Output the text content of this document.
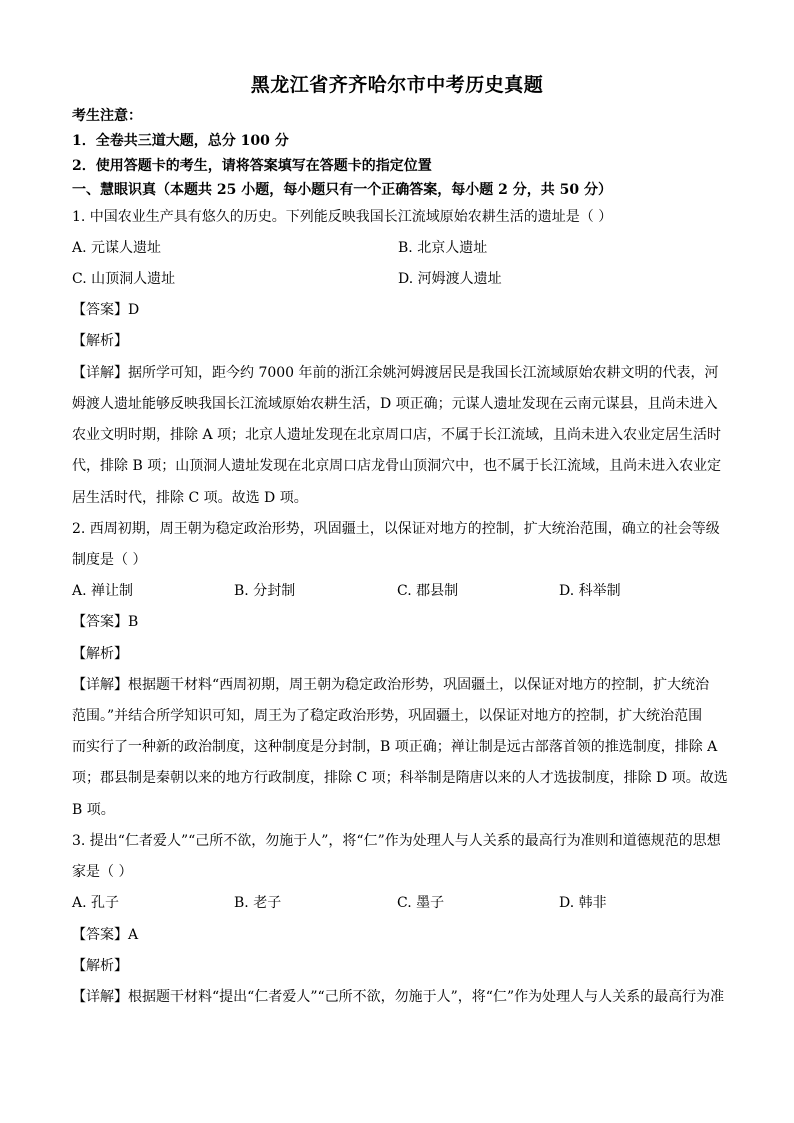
黑龙江省齐齐哈尔市中考历史真题
考生注意：
1．全卷共三道大题，总分 100 分
2．使用答题卡的考生，请将答案填写在答题卡的指定位置
一、慧眼识真（本题共 25 小题，每小题只有一个正确答案，每小题 2 分，共 50 分）
1. 中国农业生产具有悠久的历史。下列能反映我国长江流域原始农耕生活的遗址是（ ）
A. 元谋人遗址	B. 北京人遗址
C. 山顶洞人遗址	D. 河姆渡人遗址
【答案】D
【解析】
【详解】据所学可知，距今约 7000 年前的浙江余姚河姆渡居民是我国长江流域原始农耕文明的代表，河
姆渡人遗址能够反映我国长江流域原始农耕生活，D 项正确；元谋人遗址发现在云南元谋县，且尚未进入
农业文明时期，排除 A 项；北京人遗址发现在北京周口店，不属于长江流域，且尚未进入农业定居生活时
代，排除 B 项；山顶洞人遗址发现在北京周口店龙骨山顶洞穴中，也不属于长江流域，且尚未进入农业定
居生活时代，排除 C 项。故选 D 项。
2. 西周初期，周王朝为稳定政治形势，巩固疆土，以保证对地方的控制，扩大统治范围，确立的社会等级
制度是（ ）
A. 禅让制	B. 分封制	C. 郡县制	D. 科举制
【答案】B
【解析】
【详解】根据题干材料“西周初期，周王朝为稳定政治形势，巩固疆土，以保证对地方的控制，扩大统治
范围。”并结合所学知识可知，周王为了稳定政治形势，巩固疆土，以保证对地方的控制，扩大统治范围
而实行了一种新的政治制度，这种制度是分封制，B 项正确；禅让制是远古部落首领的推选制度，排除 A
项；郡县制是秦朝以来的地方行政制度，排除 C 项；科举制是隋唐以来的人才选拔制度，排除 D 项。故选
B 项。
3. 提出“仁者爱人”“己所不欲，勿施于人”，将“仁”作为处理人与人关系的最高行为准则和道德规范的思想
家是（ ）
A. 孔子	B. 老子	C. 墨子	D. 韩非
【答案】A
【解析】
【详解】根据题干材料“提出“仁者爱人”“己所不欲，勿施于人”，将“仁”作为处理人与人关系的最高行为准
